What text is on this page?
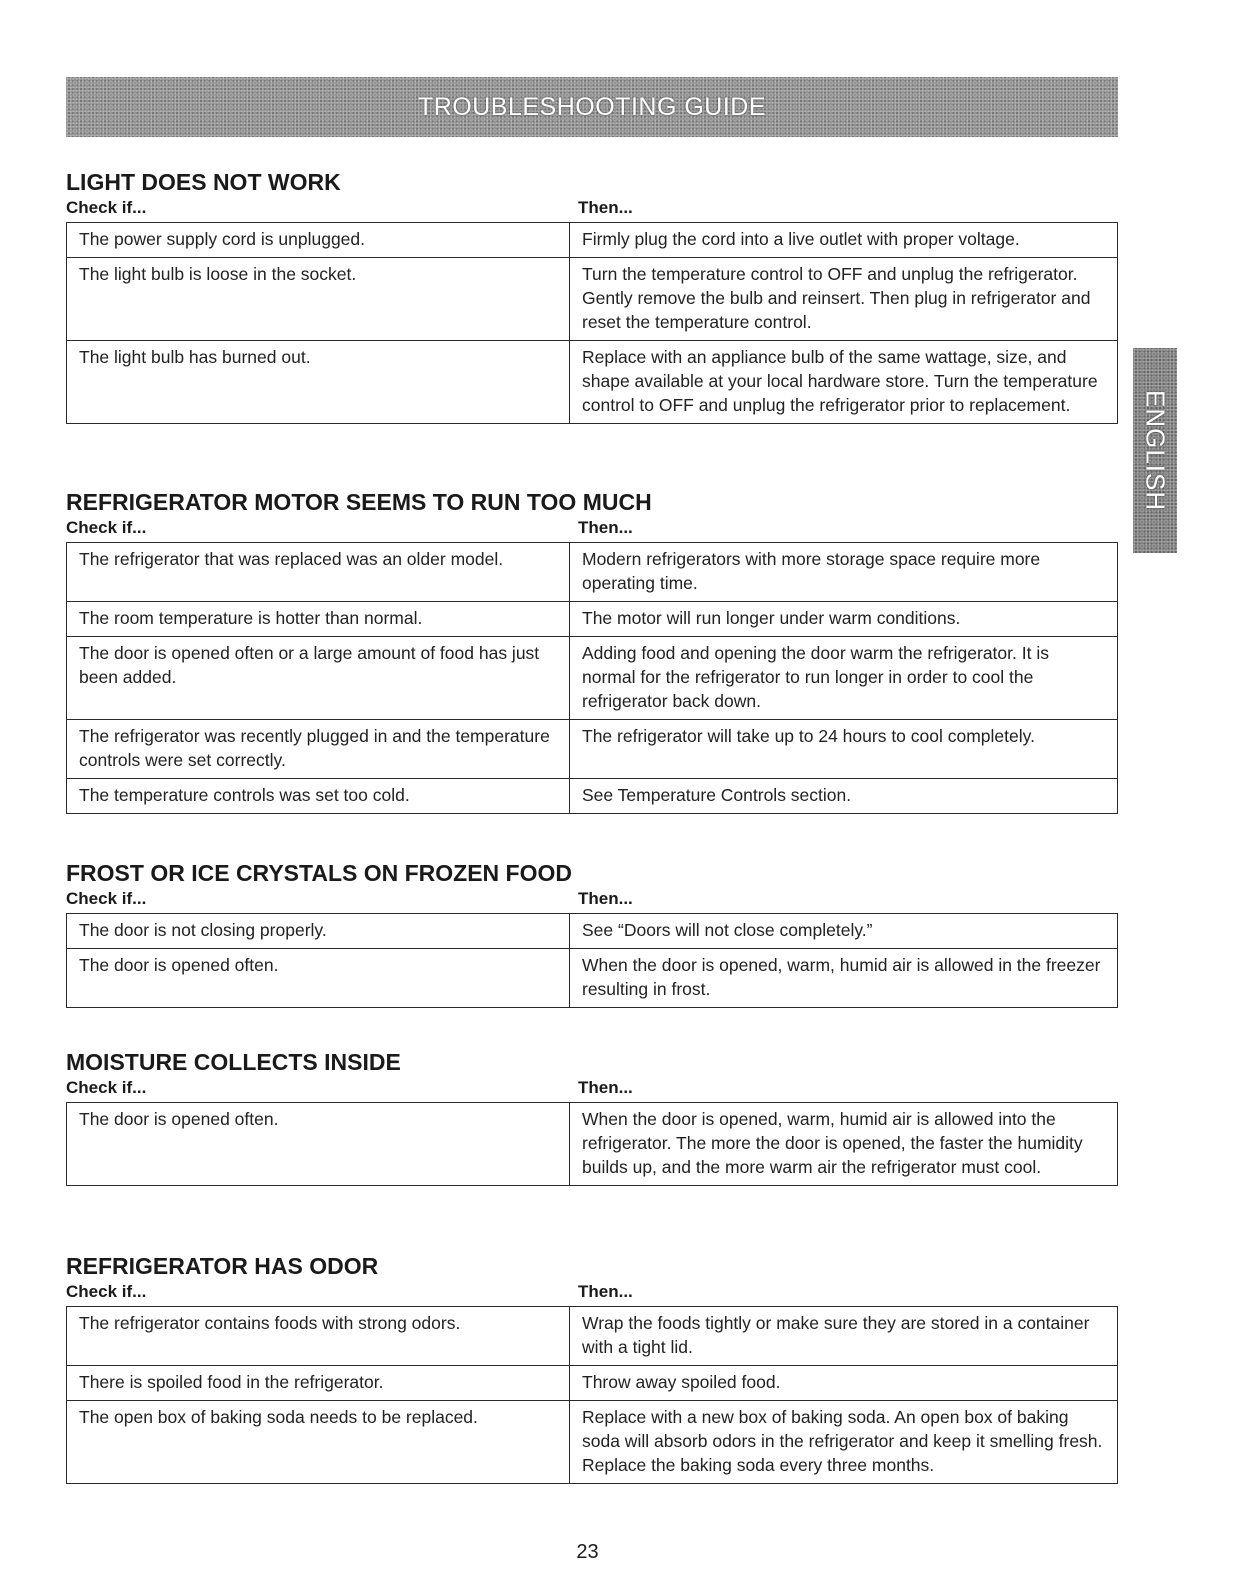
TROUBLESHOOTING GUIDE
ENGLISH
LIGHT DOES NOT WORK
Check if...	Then...
The power supply cord is unplugged.	Firmly plug the cord into a live outlet with proper voltage.
The light bulb is loose in the socket.	Turn the temperature control to OFF and unplug the refrigerator. Gently remove the bulb and reinsert. Then plug in refrigerator and reset the temperature control.
The light bulb has burned out.	Replace with an appliance bulb of the same wattage, size, and shape available at your local hardware store. Turn the temperature control to OFF and unplug the refrigerator prior to replacement.
REFRIGERATOR MOTOR SEEMS TO RUN TOO MUCH
Check if...	Then...
The refrigerator that was replaced was an older model.	Modern refrigerators with more storage space require more operating time.
The room temperature is hotter than normal.	The motor will run longer under warm conditions.
The door is opened often or a large amount of food has just been added.	Adding food and opening the door warm the refrigerator. It is normal for the refrigerator to run longer in order to cool the refrigerator back down.
The refrigerator was recently plugged in and the temperature controls were set correctly.	The refrigerator will take up to 24 hours to cool completely.
The temperature controls was set too cold.	See Temperature Controls section.
FROST OR ICE CRYSTALS ON FROZEN FOOD
Check if...	Then...
The door is not closing properly.	See “Doors will not close completely.”
The door is opened often.	When the door is opened, warm, humid air is allowed in the freezer resulting in frost.
MOISTURE COLLECTS INSIDE
Check if...	Then...
The door is opened often.	When the door is opened, warm, humid air is allowed into the refrigerator. The more the door is opened, the faster the humidity builds up, and the more warm air the refrigerator must cool.
REFRIGERATOR HAS ODOR
Check if...	Then...
The refrigerator contains foods with strong odors.	Wrap the foods tightly or make sure they are stored in a container with a tight lid.
There is spoiled food in the refrigerator.	Throw away spoiled food.
The open box of baking soda needs to be replaced.	Replace with a new box of baking soda. An open box of baking soda will absorb odors in the refrigerator and keep it smelling fresh. Replace the baking soda every three months.
23
